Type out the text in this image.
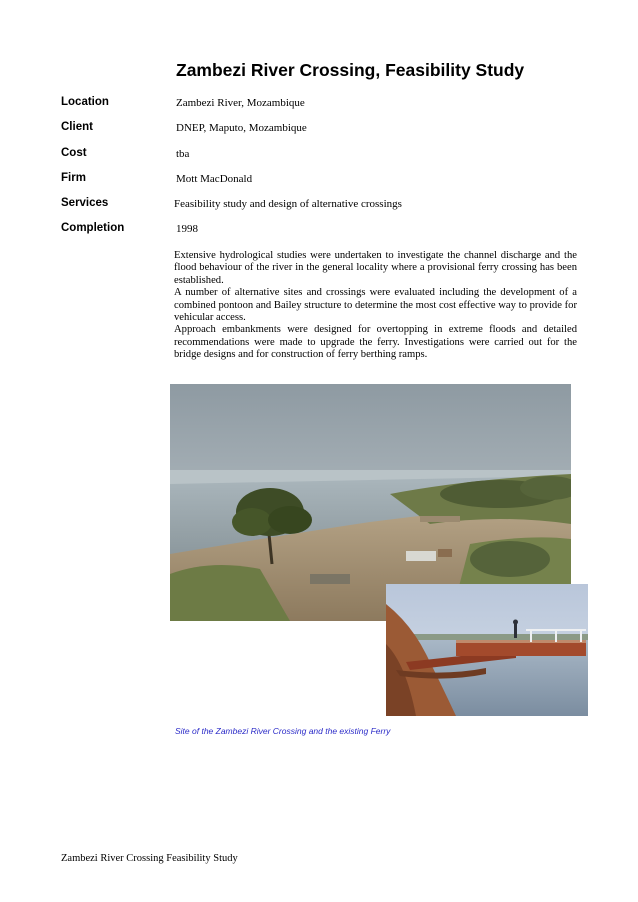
Zambezi River Crossing, Feasibility Study
Location	Zambezi River, Mozambique
Client	DNEP, Maputo, Mozambique
Cost	tba
Firm	Mott MacDonald
Services	Feasibility study and design of alternative crossings
Completion	1998

Extensive hydrological studies were undertaken to investigate the channel discharge and the flood behaviour of the river in the general locality where a provisional ferry crossing has been established.

A number of alternative sites and crossings were evaluated including the development of a combined pontoon and Bailey structure to determine the most cost effective way to provide for vehicular access.

Approach embankments were designed for overtopping in extreme floods and detailed recommendations were made to upgrade the ferry. Investigations were carried out for the bridge designs and for construction of ferry berthing ramps.

Site of the Zambezi River Crossing and the existing Ferry
Zambezi River Crossing Feasibility Study
